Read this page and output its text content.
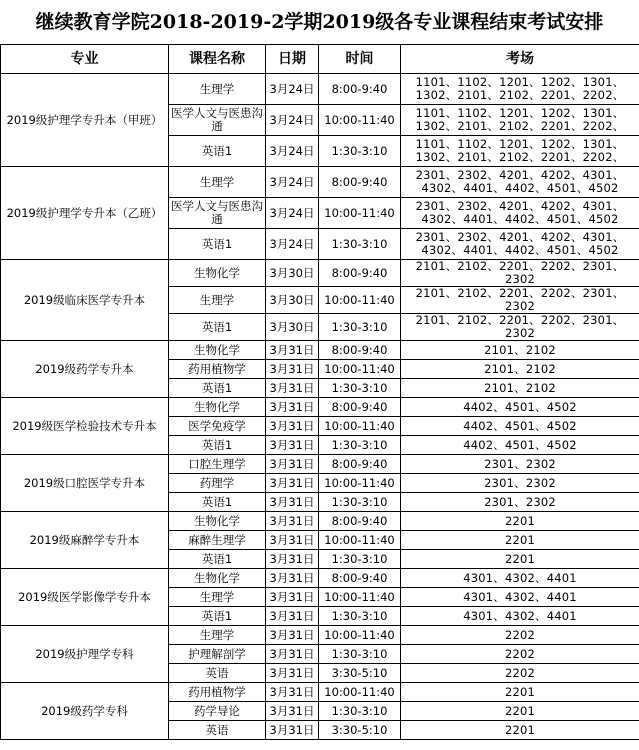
继续教育学院2018-2019-2学期2019级各专业课程结束考试安排
专业	课程名称	日期	时间	考场
2019级护理学专升本（甲班）	生理学	3月24日	8:00-9:40	1101、1102、1201、1202、1301、1302、2101、2102、2201、2202、
	医学人文与医患沟通	3月24日	10:00-11:40	1101、1102、1201、1202、1301、1302、2101、2102、2201、2202、
	英语1	3月24日	1:30-3:10	1101、1102、1201、1202、1301、1302、2101、2102、2201、2202、
2019级护理学专升本（乙班）	生理学	3月24日	8:00-9:40	2301、2302、4201、4202、4301、4302、4401、4402、4501、4502
	医学人文与医患沟通	3月24日	10:00-11:40	2301、2302、4201、4202、4301、4302、4401、4402、4501、4502
	英语1	3月24日	1:30-3:10	2301、2302、4201、4202、4301、4302、4401、4402、4501、4502
2019级临床医学专升本	生物化学	3月30日	8:00-9:40	2101、2102、2201、2202、2301、2302
	生理学	3月30日	10:00-11:40	2101、2102、2201、2202、2301、2302
	英语1	3月30日	1:30-3:10	2101、2102、2201、2202、2301、2302
2019级药学专升本	生物化学	3月31日	8:00-9:40	2101、2102
	药用植物学	3月31日	10:00-11:40	2101、2102
	英语1	3月31日	1:30-3:10	2101、2102
2019级医学检验技术专升本	生物化学	3月31日	8:00-9:40	4402、4501、4502
	医学免疫学	3月31日	10:00-11:40	4402、4501、4502
	英语1	3月31日	1:30-3:10	4402、4501、4502
2019级口腔医学专升本	口腔生理学	3月31日	8:00-9:40	2301、2302
	药理学	3月31日	10:00-11:40	2301、2302
	英语1	3月31日	1:30-3:10	2301、2302
2019级麻醉学专升本	生物化学	3月31日	8:00-9:40	2201
	麻醉生理学	3月31日	10:00-11:40	2201
	英语1	3月31日	1:30-3:10	2201
2019级医学影像学专升本	生物化学	3月31日	8:00-9:40	4301、4302、4401
	生理学	3月31日	10:00-11:40	4301、4302、4401
	英语1	3月31日	1:30-3:10	4301、4302、4401
2019级护理学专科	生理学	3月31日	10:00-11:40	2202
	护理解剖学	3月31日	1:30-3:10	2202
	英语	3月31日	3:30-5:10	2202
2019级药学专科	药用植物学	3月31日	10:00-11:40	2201
	药学导论	3月31日	1:30-3:10	2201
	英语	3月31日	3:30-5:10	2201
